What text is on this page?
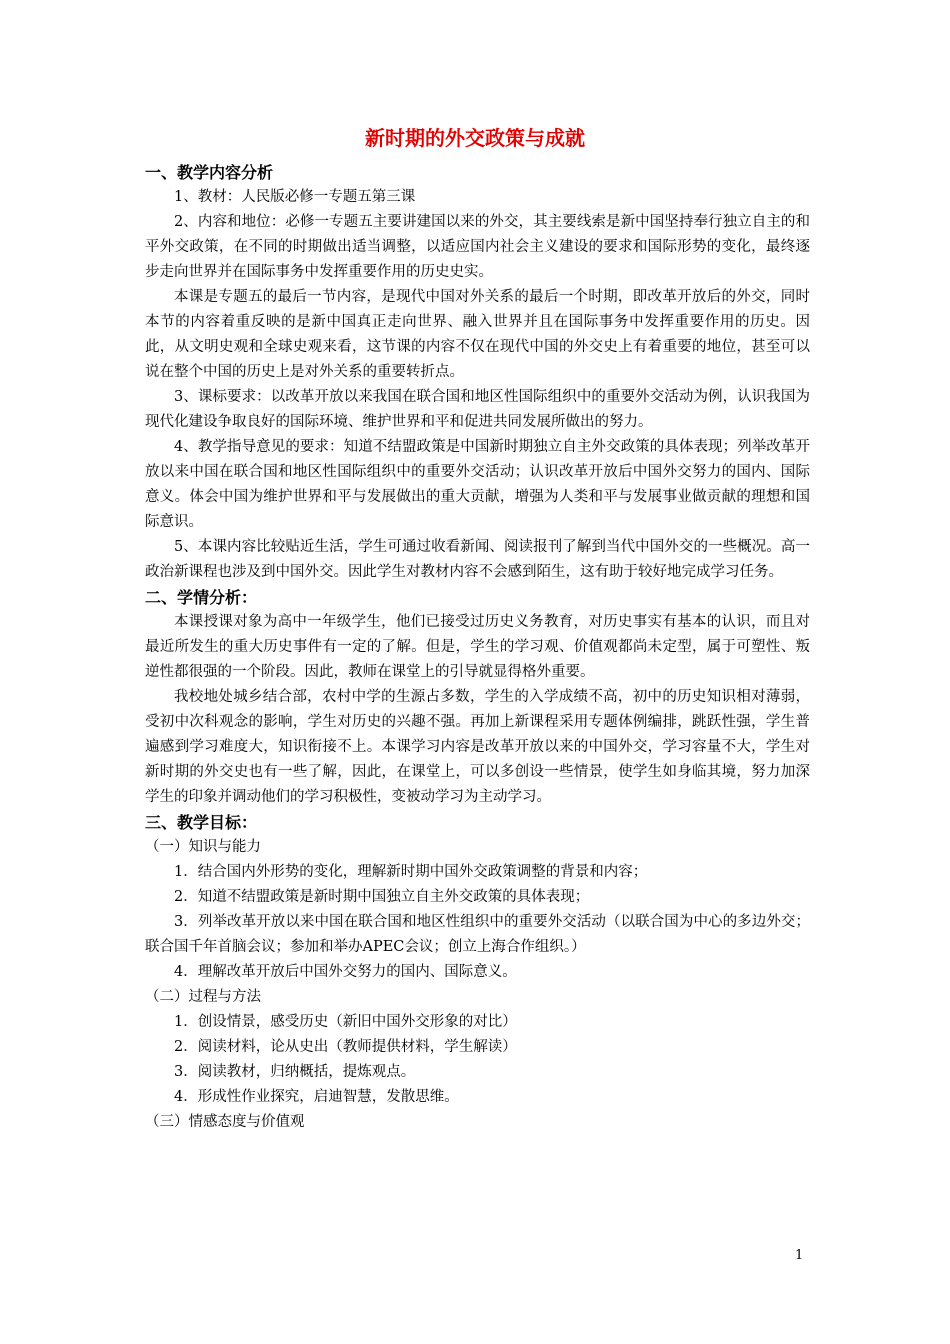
新时期的外交政策与成就
一、教学内容分析
1、教材：人民版必修一专题五第三课
2、内容和地位：必修一专题五主要讲建国以来的外交，其主要线索是新中国坚持奉行独立自主的和平外交政策，在不同的时期做出适当调整，以适应国内社会主义建设的要求和国际形势的变化，最终逐步走向世界并在国际事务中发挥重要作用的历史史实。
本课是专题五的最后一节内容，是现代中国对外关系的最后一个时期，即改革开放后的外交，同时本节的内容着重反映的是新中国真正走向世界、融入世界并且在国际事务中发挥重要作用的历史。因此，从文明史观和全球史观来看，这节课的内容不仅在现代中国的外交史上有着重要的地位，甚至可以说在整个中国的历史上是对外关系的重要转折点。
3、课标要求：以改革开放以来我国在联合国和地区性国际组织中的重要外交活动为例，认识我国为现代化建设争取良好的国际环境、维护世界和平和促进共同发展所做出的努力。
4、教学指导意见的要求：知道不结盟政策是中国新时期独立自主外交政策的具体表现；列举改革开放以来中国在联合国和地区性国际组织中的重要外交活动；认识改革开放后中国外交努力的国内、国际意义。体会中国为维护世界和平与发展做出的重大贡献，增强为人类和平与发展事业做贡献的理想和国际意识。
5、本课内容比较贴近生活，学生可通过收看新闻、阅读报刊了解到当代中国外交的一些概况。高一政治新课程也涉及到中国外交。因此学生对教材内容不会感到陌生，这有助于较好地完成学习任务。
二、学情分析：
本课授课对象为高中一年级学生，他们已接受过历史义务教育，对历史事实有基本的认识，而且对最近所发生的重大历史事件有一定的了解。但是，学生的学习观、价值观都尚未定型，属于可塑性、叛逆性都很强的一个阶段。因此，教师在课堂上的引导就显得格外重要。
我校地处城乡结合部，农村中学的生源占多数，学生的入学成绩不高，初中的历史知识相对薄弱，受初中次科观念的影响，学生对历史的兴趣不强。再加上新课程采用专题体例编排，跳跃性强，学生普遍感到学习难度大，知识衔接不上。本课学习内容是改革开放以来的中国外交，学习容量不大，学生对新时期的外交史也有一些了解，因此，在课堂上，可以多创设一些情景，使学生如身临其境，努力加深学生的印象并调动他们的学习积极性，变被动学习为主动学习。
三、教学目标：
（一）知识与能力
1．结合国内外形势的变化，理解新时期中国外交政策调整的背景和内容；
2．知道不结盟政策是新时期中国独立自主外交政策的具体表现；
3．列举改革开放以来中国在联合国和地区性组织中的重要外交活动（以联合国为中心的多边外交；联合国千年首脑会议；参加和举办APEC会议；创立上海合作组织。）
4．理解改革开放后中国外交努力的国内、国际意义。
（二）过程与方法
1．创设情景，感受历史（新旧中国外交形象的对比）
2．阅读材料，论从史出（教师提供材料，学生解读）
3．阅读教材，归纳概括，提炼观点。
4．形成性作业探究，启迪智慧，发散思维。
（三）情感态度与价值观
1
